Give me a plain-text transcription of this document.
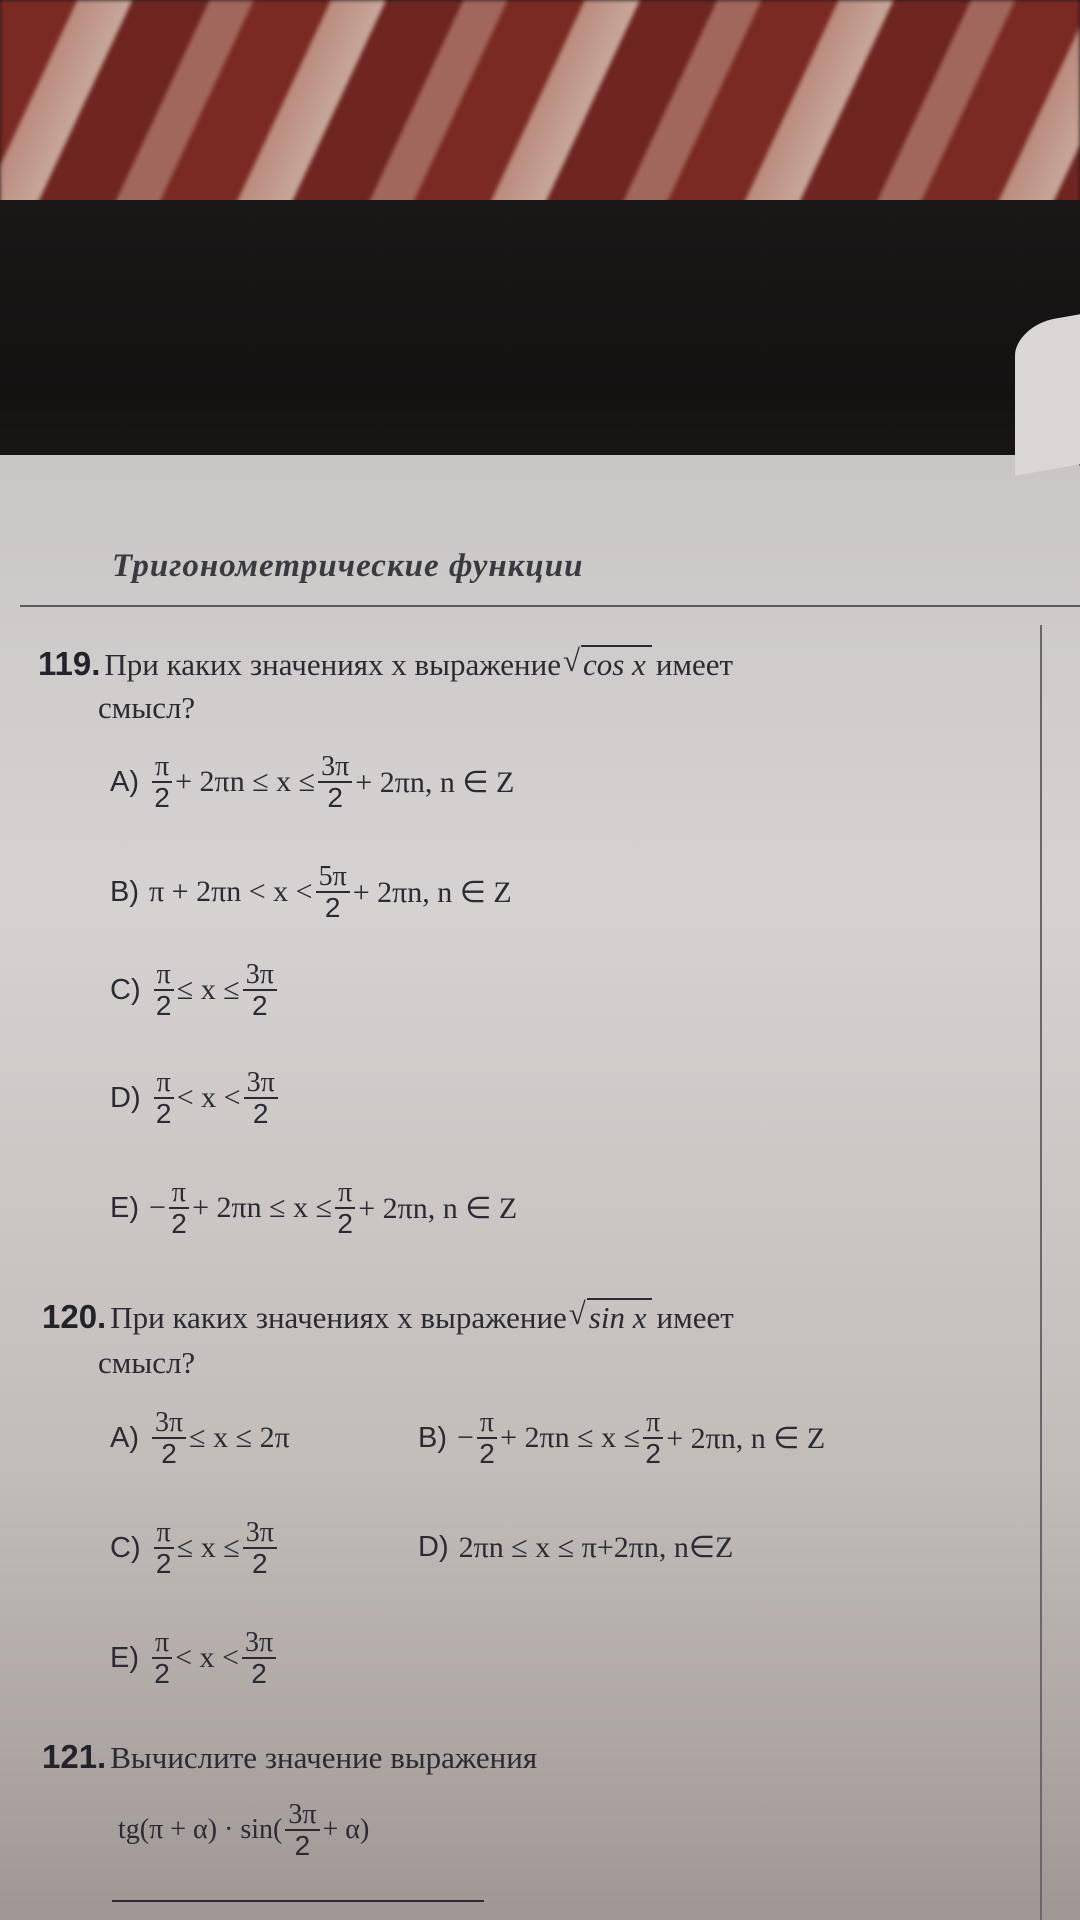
Тригонометрические функции
119. При каких значениях x выражение √ cos x имеет
смысл?
$A) \frac{\pi}{2} + 2\pi n \le x \le \frac{3\pi}{2} + 2\pi n$, n ∈ Z
B) $\pi + 2\pi n < x < \frac{5\pi}{2} + 2\pi n$, n ∈ Z
$C) \frac{\pi}{2} \le x \le \frac{3\pi}{2}$
$D) \frac{\pi}{2} < x < \frac{3\pi}{2}$
$E) - \frac{\pi}{2} + 2\pi n \le x \le \frac{\pi}{2} + 2\pi n$, n ∈ Z
120. При каких значениях x выражение √ sin x имеет
смысл?
$A) \frac{3\pi}{2} \le x \le 2\pi$	$B) - \frac{\pi}{2} + 2\pi n \le x \le \frac{\pi}{2} + 2\pi n$, n ∈ Z
$C) \frac{\pi}{2} \le x \le \frac{3\pi}{2}$	D) 2πn ≤ x ≤ π+2πn, n∈Z
$E) \frac{\pi}{2} < x < \frac{3\pi}{2}$
121. Вычислите значение выражения
$tg(\pi + \alpha) \cdot \sin( \frac{3\pi}{2} + \alpha)$
